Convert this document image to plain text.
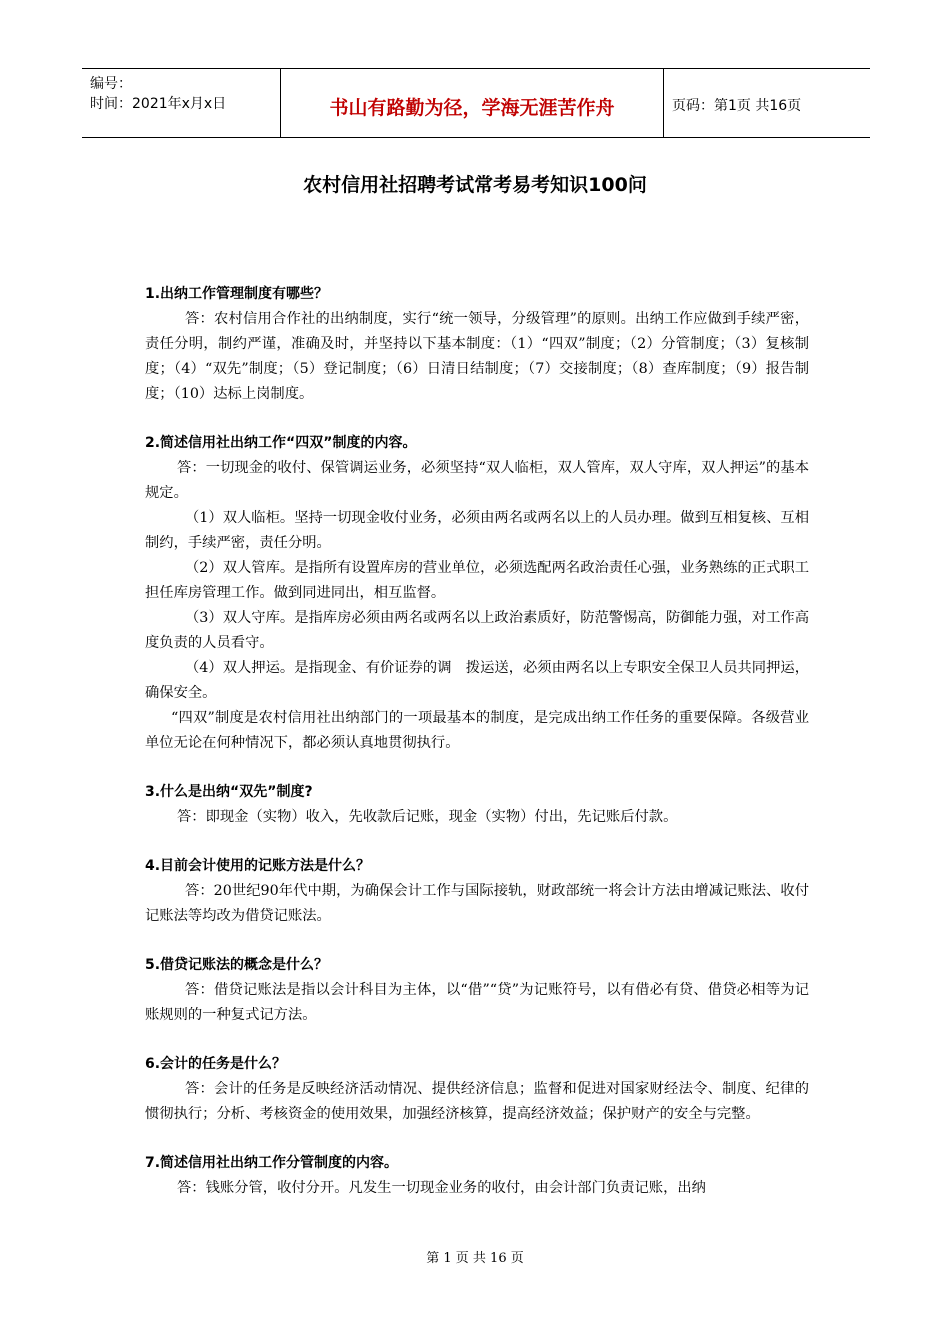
编号：
时间：2021年x月x日	书山有路勤为径，学海无涯苦作舟	页码：第1页 共16页
农村信用社招聘考试常考易考知识100问
1.出纳工作管理制度有哪些？
答：农村信用合作社的出纳制度，实行“统一领导，分级管理”的原则。出纳工作应做到手续严密，责任分明，制约严谨，准确及时，并坚持以下基本制度：（1）“四双”制度；（2）分管制度；（3）复核制度；（4）“双先”制度；（5）登记制度；（6）日清日结制度；（7）交接制度；（8）查库制度；（9）报告制度；（10）达标上岗制度。
2.简述信用社出纳工作“四双”制度的内容。
答：一切现金的收付、保管调运业务，必须坚持“双人临柜，双人管库，双人守库，双人押运”的基本规定。
（1）双人临柜。坚持一切现金收付业务，必须由两名或两名以上的人员办理。做到互相复核、互相制约，手续严密，责任分明。
（2）双人管库。是指所有设置库房的营业单位，必须选配两名政治责任心强，业务熟练的正式职工担任库房管理工作。做到同进同出，相互监督。
（3）双人守库。是指库房必须由两名或两名以上政治素质好，防范警惕高，防御能力强，对工作高度负责的人员看守。
（4）双人押运。是指现金、有价证券的调　拨运送，必须由两名以上专职安全保卫人员共同押运，确保安全。
“四双”制度是农村信用社出纳部门的一项最基本的制度，是完成出纳工作任务的重要保障。各级营业单位无论在何种情况下，都必须认真地贯彻执行。
3.什么是出纳“双先”制度?
答：即现金（实物）收入，先收款后记账，现金（实物）付出，先记账后付款。
4.目前会计使用的记账方法是什么？
答：20世纪90年代中期，为确保会计工作与国际接轨，财政部统一将会计方法由增减记账法、收付记账法等均改为借贷记账法。
5.借贷记账法的概念是什么？
答：借贷记账法是指以会计科目为主体，以“借”“贷”为记账符号，以有借必有贷、借贷必相等为记账规则的一种复式记方法。
6.会计的任务是什么？
答：会计的任务是反映经济活动情况、提供经济信息；监督和促进对国家财经法令、制度、纪律的惯彻执行；分析、考核资金的使用效果，加强经济核算，提高经济效益；保护财产的安全与完整。
7.简述信用社出纳工作分管制度的内容。
答：钱账分管，收付分开。凡发生一切现金业务的收付，由会计部门负责记账，出纳
第 1 页 共 16 页
